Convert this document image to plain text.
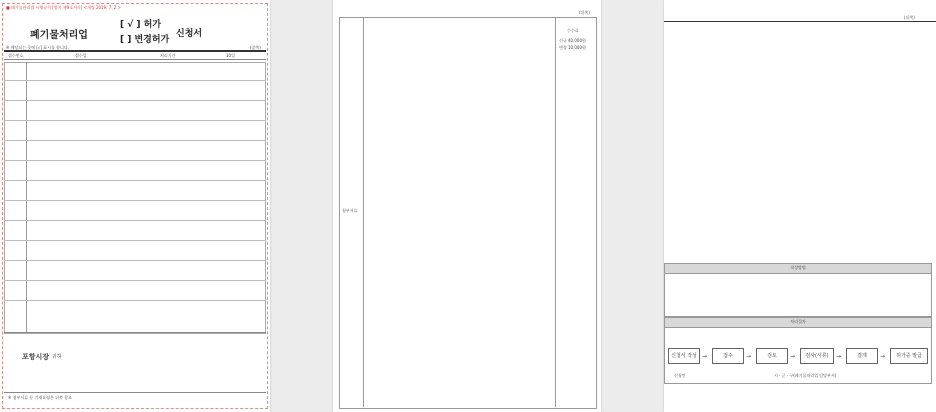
■ 폐기물관리법 시행규칙 [별지 제9호서식] <개정 2019. 7. 2.>
폐기물처리업
[ √ ] 허가
[ ] 변경허가
신청서
※ 해당되는 곳에 [√] 표시를 합니다.	(앞쪽)
접수번호	접수일	처리기간	10일
포항시장 귀하
※ 첨부서류 등 기재요령은 뒤쪽 참조
(뒤쪽)
첨부서류
수수료
신규 40,000원
변경 10,000원
(뒤쪽)
작성방법
처리절차
신청서 작성 →	접수	→	검토	→	검사(서류)	→	결재	→	허가증 발급
신청인	시 · 군 · 구(폐기물처리업 담당부서)
